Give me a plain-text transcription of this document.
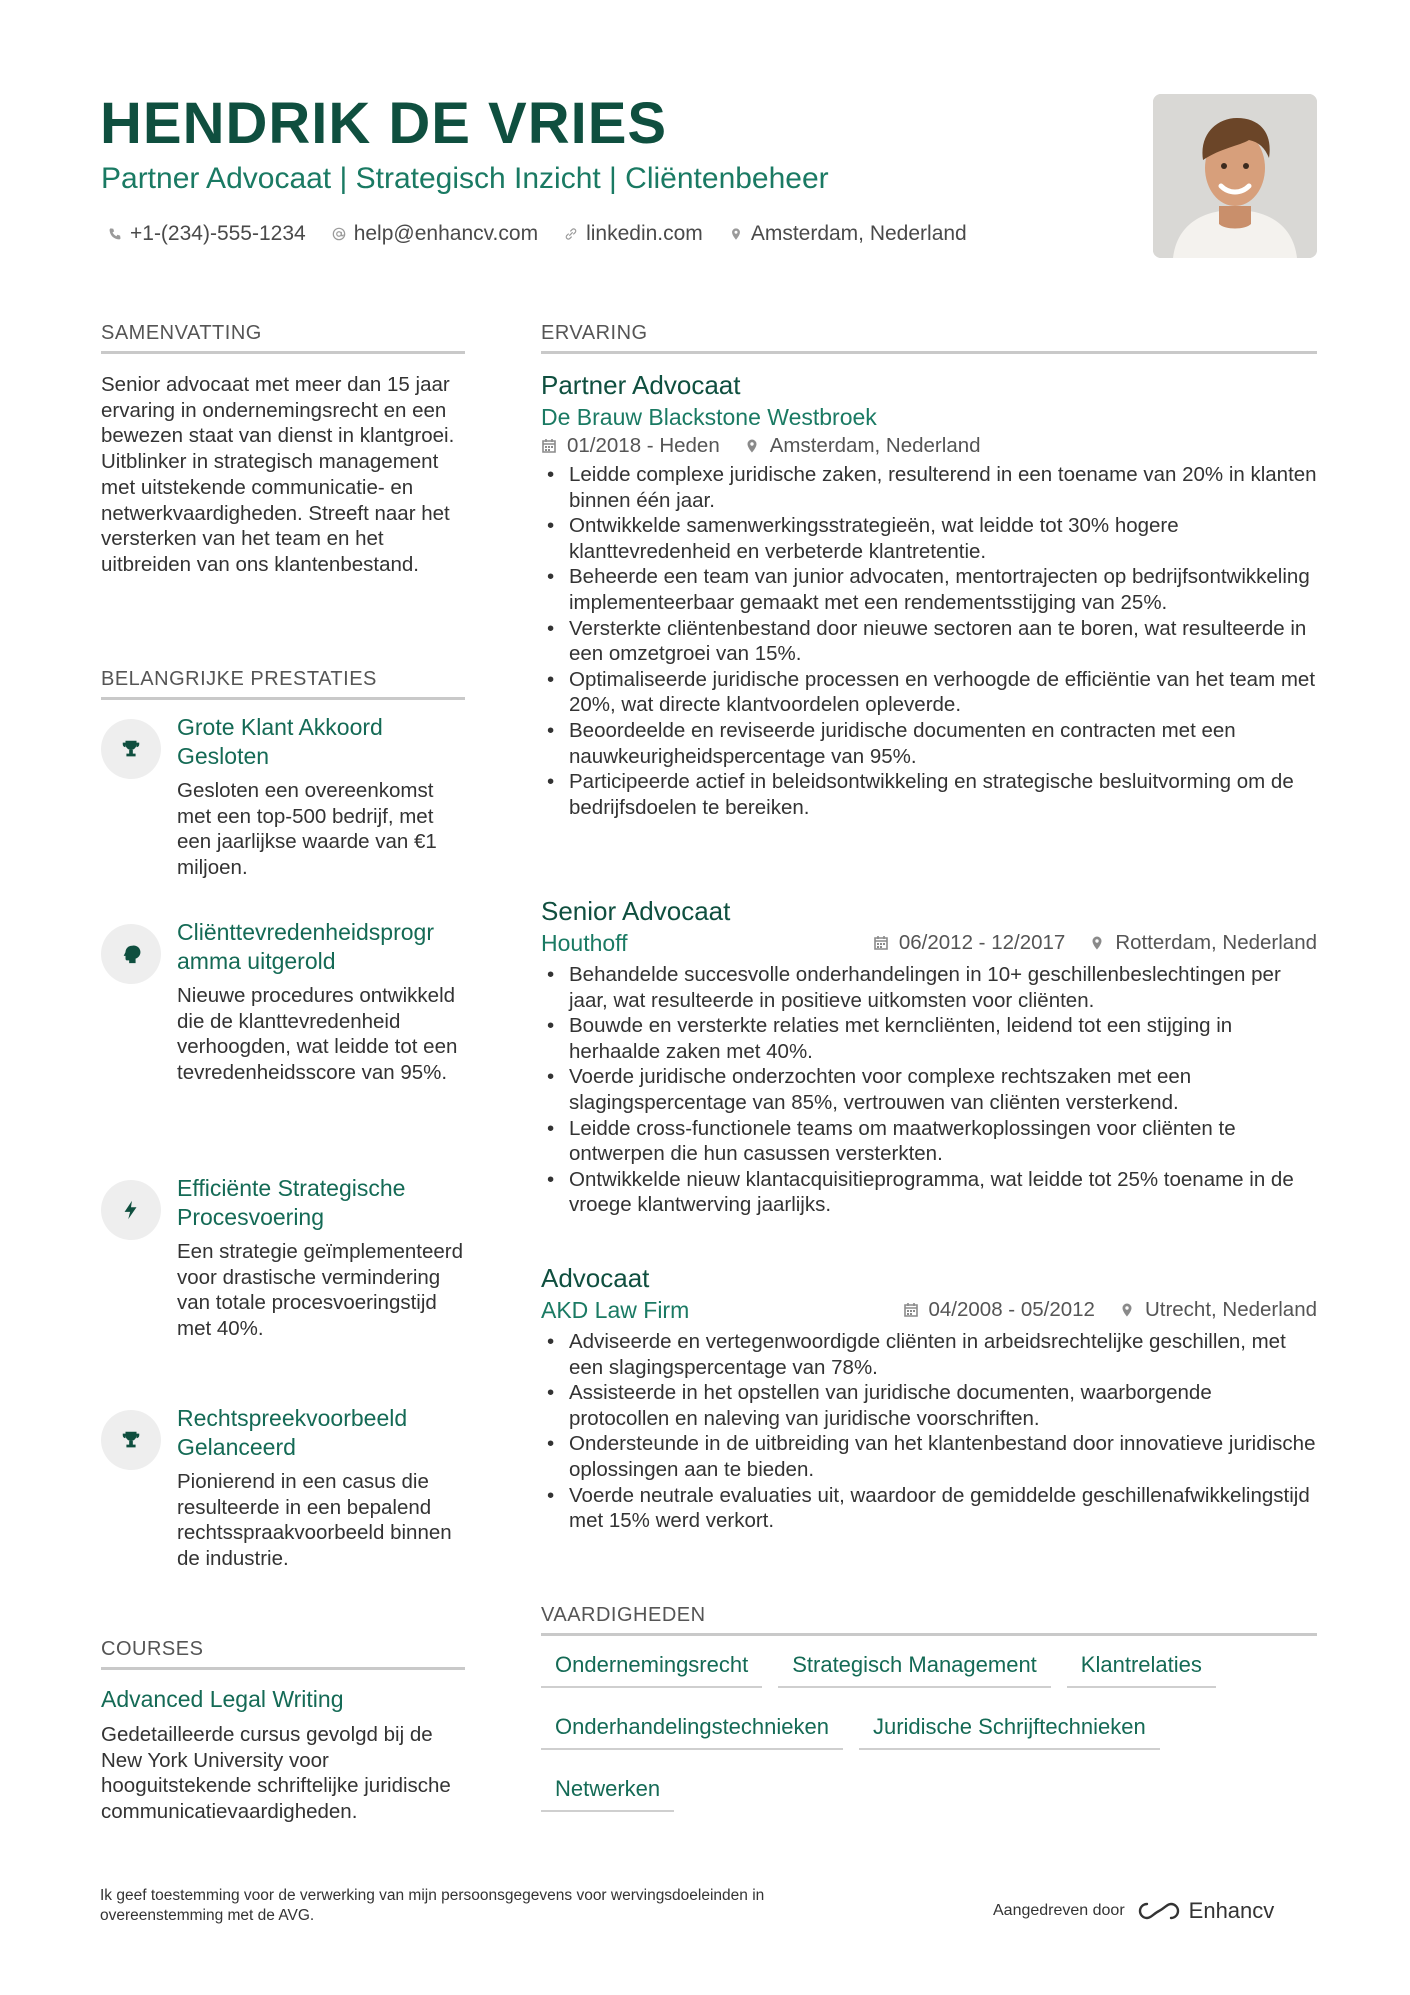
HENDRIK DE VRIES
Partner Advocaat | Strategisch Inzicht | Cliëntenbeheer
+1-(234)-555-1234 help@enhancv.com linkedin.com Amsterdam, Nederland
SAMENVATTING
Senior advocaat met meer dan 15 jaar ervaring in ondernemingsrecht en een bewezen staat van dienst in klantgroei. Uitblinker in strategisch management met uitstekende communicatie- en netwerkvaardigheden. Streeft naar het versterken van het team en het uitbreiden van ons klantenbestand.
BELANGRIJKE PRESTATIES
Grote Klant Akkoord Gesloten
Gesloten een overeenkomst met een top-500 bedrijf, met een jaarlijkse waarde van €1 miljoen.
Cliënttevredenheidsprogr amma uitgerold
Nieuwe procedures ontwikkeld die de klanttevredenheid verhoogden, wat leidde tot een tevredenheidsscore van 95%.
Efficiënte Strategische Procesvoering
Een strategie geïmplementeerd voor drastische vermindering van totale procesvoeringstijd met 40%.
Rechtspreekvoorbeeld Gelanceerd
Pionierend in een casus die resulteerde in een bepalend rechtsspraakvoorbeeld binnen de industrie.
COURSES
Advanced Legal Writing
Gedetailleerde cursus gevolgd bij de New York University voor hooguitstekende schriftelijke juridische communicatievaardigheden.
ERVARING
Partner Advocaat
De Brauw Blackstone Westbroek
01/2018 - Heden Amsterdam, Nederland
• Leidde complexe juridische zaken, resulterend in een toename van 20% in klanten binnen één jaar.
• Ontwikkelde samenwerkingsstrategieën, wat leidde tot 30% hogere klanttevredenheid en verbeterde klantretentie.
• Beheerde een team van junior advocaten, mentortrajecten op bedrijfsontwikkeling implementeerbaar gemaakt met een rendementsstijging van 25%.
• Versterkte cliëntenbestand door nieuwe sectoren aan te boren, wat resulteerde in een omzetgroei van 15%.
• Optimaliseerde juridische processen en verhoogde de efficiëntie van het team met 20%, wat directe klantvoordelen opleverde.
• Beoordeelde en reviseerde juridische documenten en contracten met een nauwkeurigheidspercentage van 95%.
• Participeerde actief in beleidsontwikkeling en strategische besluitvorming om de bedrijfsdoelen te bereiken.
Senior Advocaat
Houthoff	06/2012 - 12/2017 Rotterdam, Nederland
• Behandelde succesvolle onderhandelingen in 10+ geschillenbeslechtingen per jaar, wat resulteerde in positieve uitkomsten voor cliënten.
• Bouwde en versterkte relaties met kerncliënten, leidend tot een stijging in herhaalde zaken met 40%.
• Voerde juridische onderzochten voor complexe rechtszaken met een slagingspercentage van 85%, vertrouwen van cliënten versterkend.
• Leidde cross-functionele teams om maatwerkoplossingen voor cliënten te ontwerpen die hun casussen versterkten.
• Ontwikkelde nieuw klantacquisitieprogramma, wat leidde tot 25% toename in de vroege klantwerving jaarlijks.
Advocaat
AKD Law Firm	04/2008 - 05/2012 Utrecht, Nederland
• Adviseerde en vertegenwoordigde cliënten in arbeidsrechtelijke geschillen, met een slagingspercentage van 78%.
• Assisteerde in het opstellen van juridische documenten, waarborgende protocollen en naleving van juridische voorschriften.
• Ondersteunde in de uitbreiding van het klantenbestand door innovatieve juridische oplossingen aan te bieden.
• Voerde neutrale evaluaties uit, waardoor de gemiddelde geschillenafwikkelingstijd met 15% werd verkort.
VAARDIGHEDEN
Ondernemingsrecht	Strategisch Management	Klantrelaties
Onderhandelingstechnieken	Juridische Schrijftechnieken
Netwerken
Ik geef toestemming voor de verwerking van mijn persoonsgegevens voor wervingsdoeleinden in overeenstemming met de AVG.	Aangedreven door	Enhancv
